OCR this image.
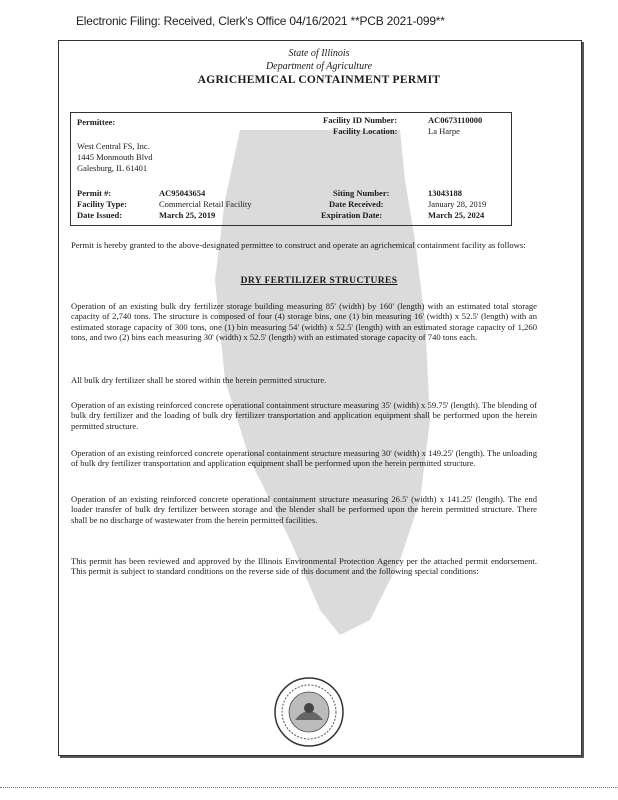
Electronic Filing: Received, Clerk's Office 04/16/2021 **PCB 2021-099**
State of Illinois
Department of Agriculture
AGRICHEMICAL CONTAINMENT PERMIT
Permittee:
West Central FS, Inc.
1445 Monmouth Blvd
Galesburg, IL 61401
Facility ID Number:	AC0673110000
Facility Location:	La Harpe
Permit #:	AC95043654
Facility Type:	Commercial Retail Facility
Date Issued:	March 25, 2019
Siting Number:	13043188
Date Received:	January 28, 2019
Expiration Date:	March 25, 2024
Permit is hereby granted to the above-designated permittee to construct and operate an agrichemical containment facility as follows:
DRY FERTILIZER STRUCTURES
Operation of an existing bulk dry fertilizer storage building measuring 85' (width) by 160' (length) with an estimated total storage capacity of 2,740 tons. The structure is composed of four (4) storage bins, one (1) bin measuring 16' (width) x 52.5' (length) with an estimated storage capacity of 300 tons, one (1) bin measuring 54' (width) x 52.5' (length) with an estimated storage capacity of 1,260 tons, and two (2) bins each measuring 30' (width) x 52.5' (length) with an estimated storage capacity of 740 tons each.
All bulk dry fertilizer shall be stored within the herein permitted structure.
Operation of an existing reinforced concrete operational containment structure measuring 35' (width) x 59.75' (length). The blending of bulk dry fertilizer and the loading of bulk dry fertilizer transportation and application equipment shall be performed upon the herein permitted structure.
Operation of an existing reinforced concrete operational containment structure measuring 30' (width) x 149.25' (length). The unloading of bulk dry fertilizer transportation and application equipment shall be performed upon the herein permitted structure.
Operation of an existing reinforced concrete operational containment structure measuring 26.5' (width) x 141.25' (length). The end loader transfer of bulk dry fertilizer between storage and the blender shall be performed upon the herein permitted structure. There shall be no discharge of wastewater from the herein permitted facilities.
This permit has been reviewed and approved by the Illinois Environmental Protection Agency per the attached permit endorsement. This permit is subject to standard conditions on the reverse side of this document and the following special conditions:
